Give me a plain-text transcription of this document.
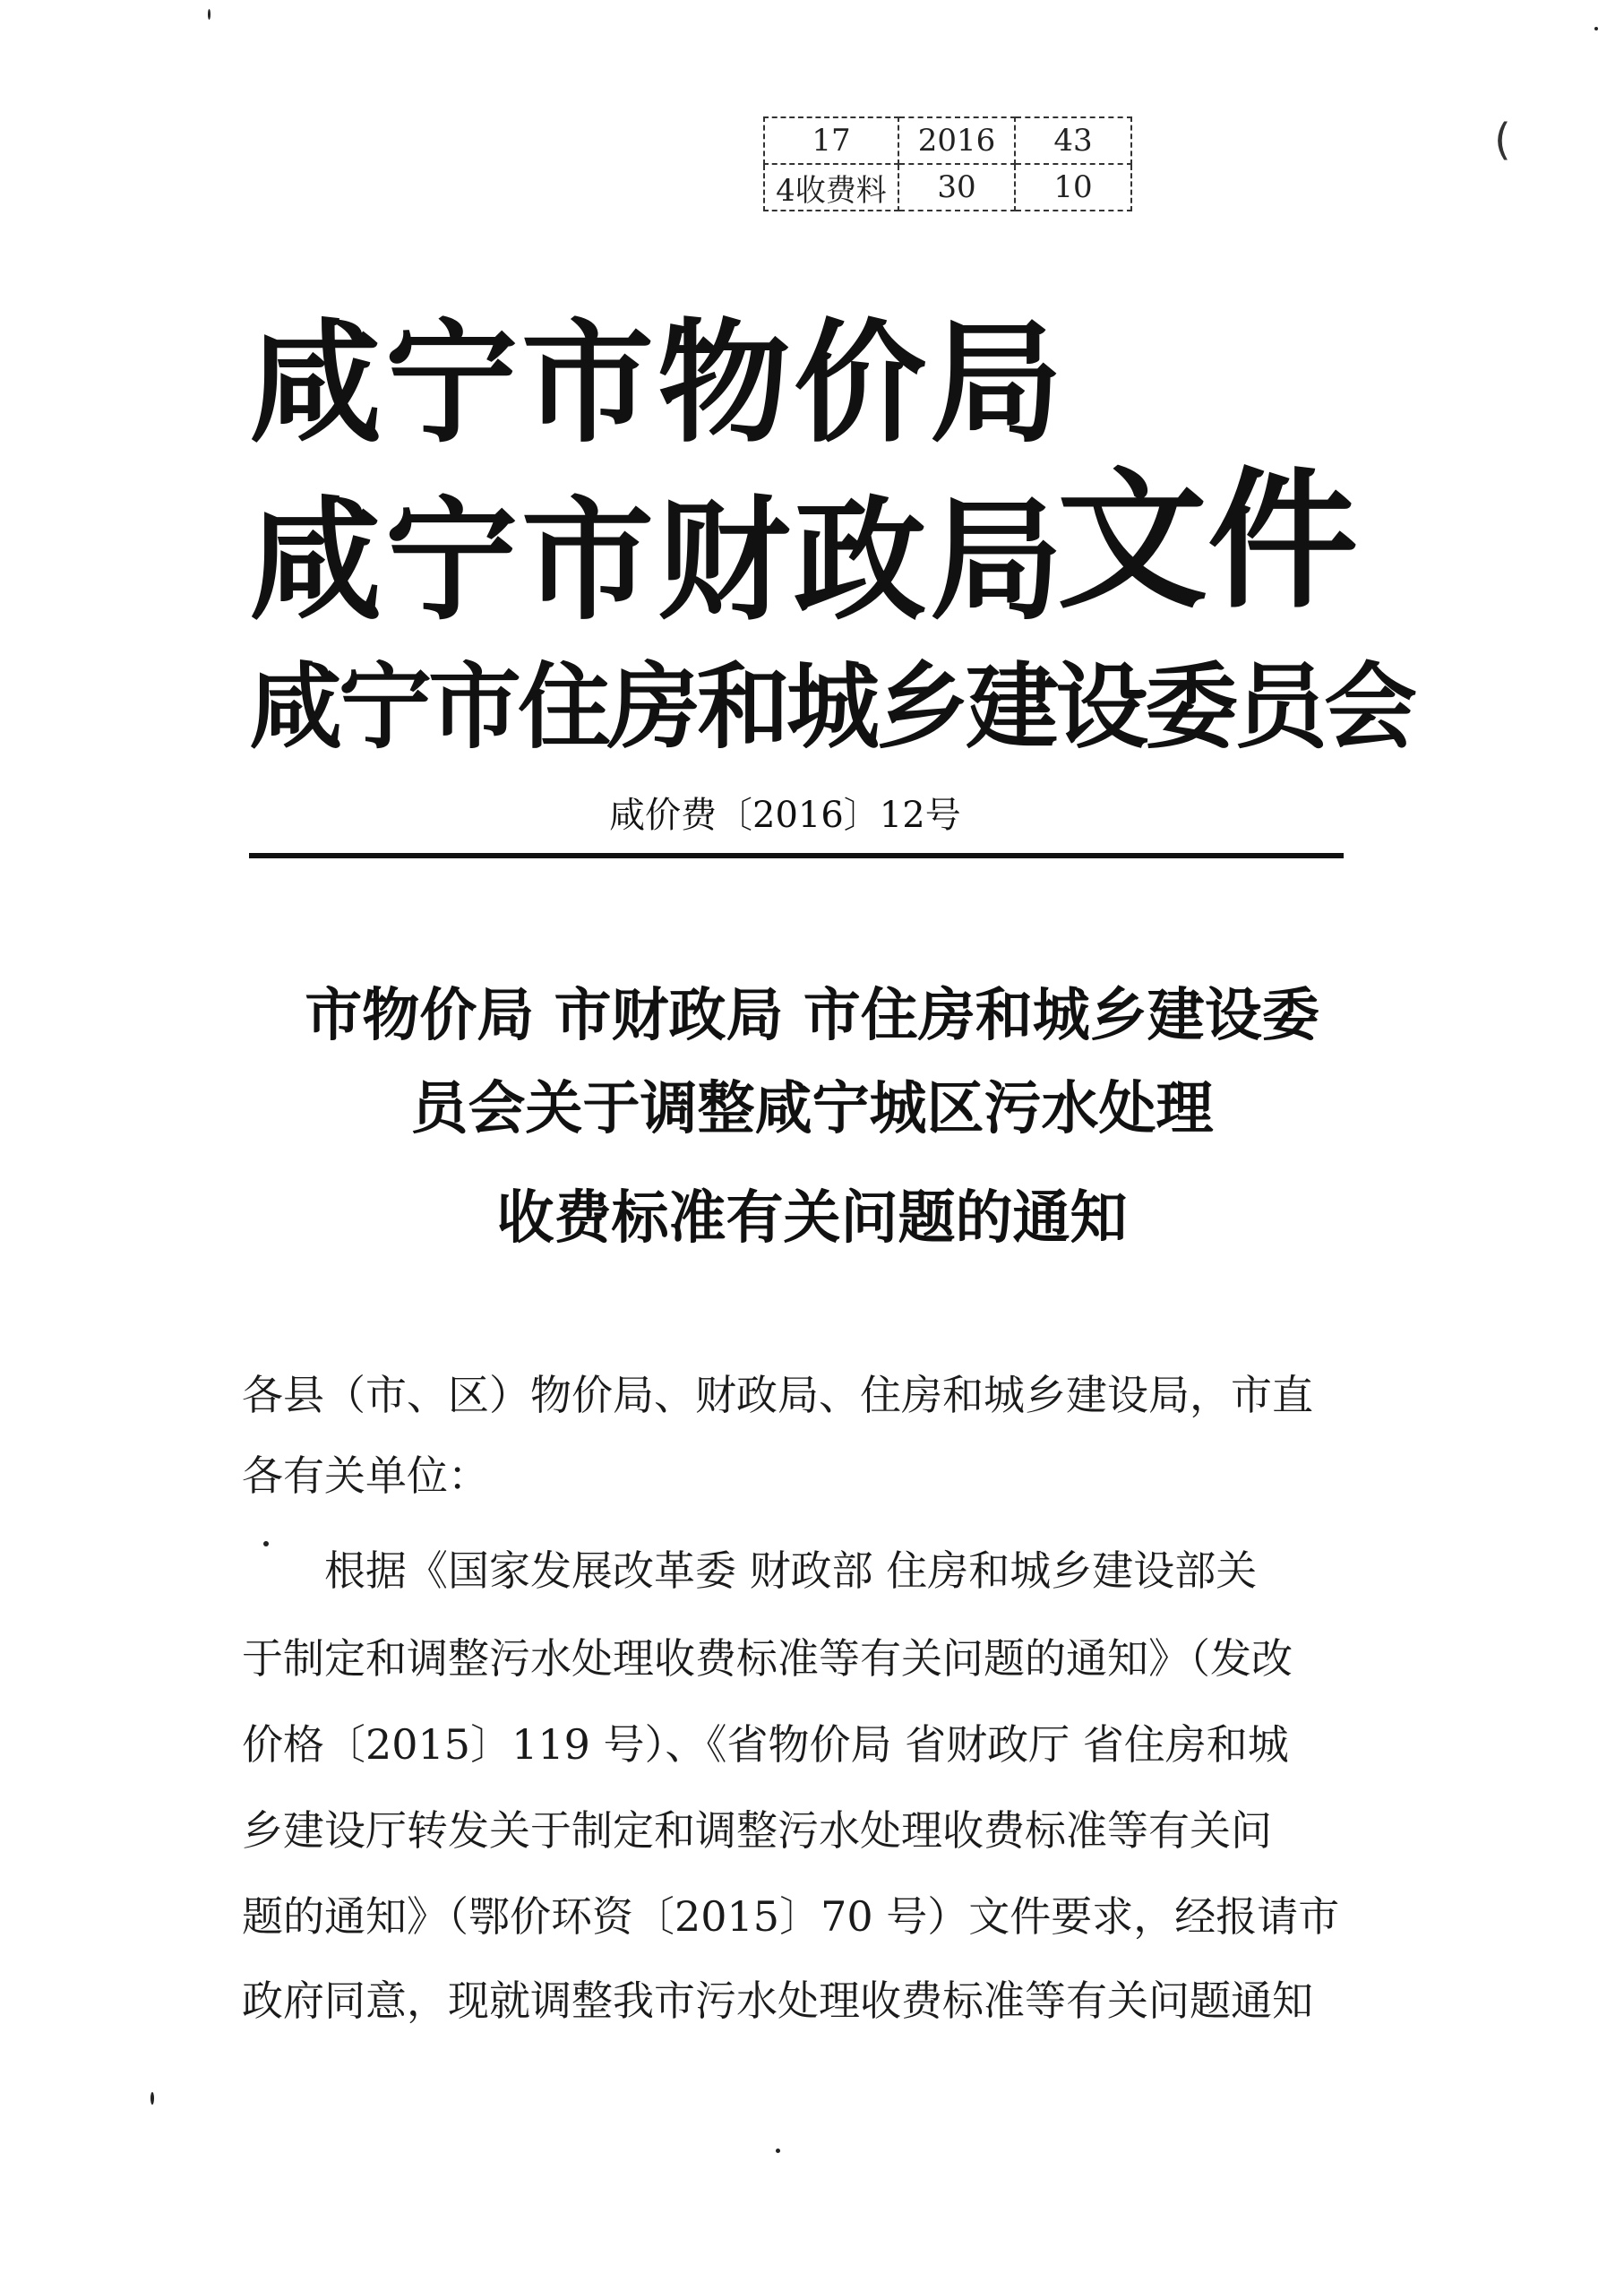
17	2016	43
4收费料	30	10
(
咸宁市物价局
咸宁市财政局
文件
咸宁市住房和城乡建设委员会
咸价费〔2016〕12号
市物价局 市财政局 市住房和城乡建设委
员会关于调整咸宁城区污水处理
收费标准有关问题的通知
各县（市、区）物价局、财政局、住房和城乡建设局，市直
各有关单位：
　　根据《国家发展改革委 财政部 住房和城乡建设部关
于制定和调整污水处理收费标准等有关问题的通知》（发改
价格〔2015〕119 号）、《省物价局 省财政厅 省住房和城
乡建设厅转发关于制定和调整污水处理收费标准等有关问
题的通知》（鄂价环资〔2015〕70 号）文件要求，经报请市
政府同意，现就调整我市污水处理收费标准等有关问题通知
